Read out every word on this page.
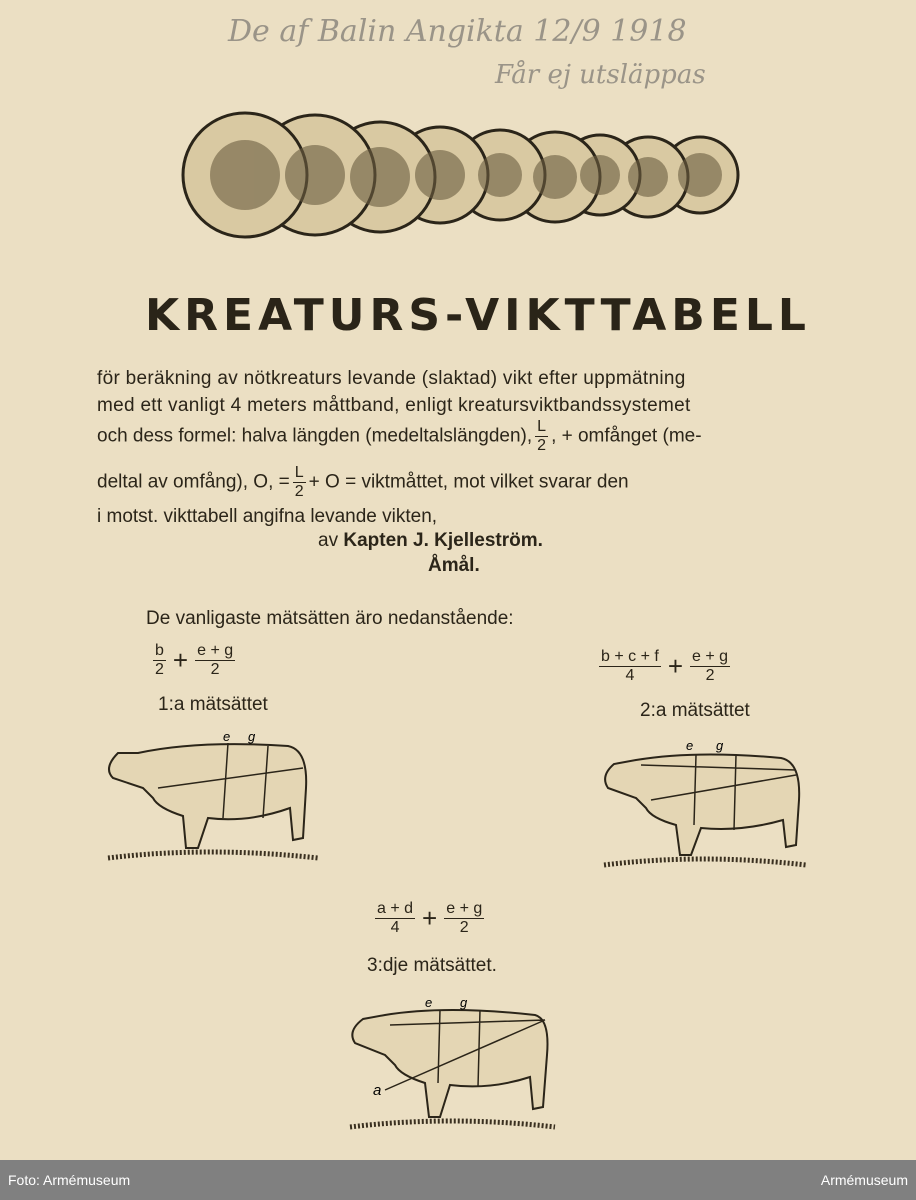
De af Balin Angikta 12/9 1918
Får ej utsläppas
KREATURS-VIKTTABELL
för beräkning av nötkreaturs levande (slaktad) vikt efter uppmätning
med ett vanligt 4 meters måttband, enligt kreatursviktbandssystemet
och dess formel: halva längden (medeltalslängden), $\frac{L}{2}$ , + omfånget (me-
deltal av omfång), O, = $\frac{L}{2} + O$ = viktmåttet, mot vilket svarar den
i motst. vikttabell angifna levande vikten,
av Kapten J. Kjelleström.
Åmål.
De vanligaste mätsätten äro nedanstående:
$\frac{b}{2} + \frac{e + g}{2}$
1:a mätsättet
$\frac{b + c + f}{4} + \frac{e + g}{2}$
2:a mätsättet
$\frac{a + d}{4} + \frac{e + g}{2}$
3:dje mätsättet.
e g
e g
e g
a
Foto: Armémuseum	Armémuseum
